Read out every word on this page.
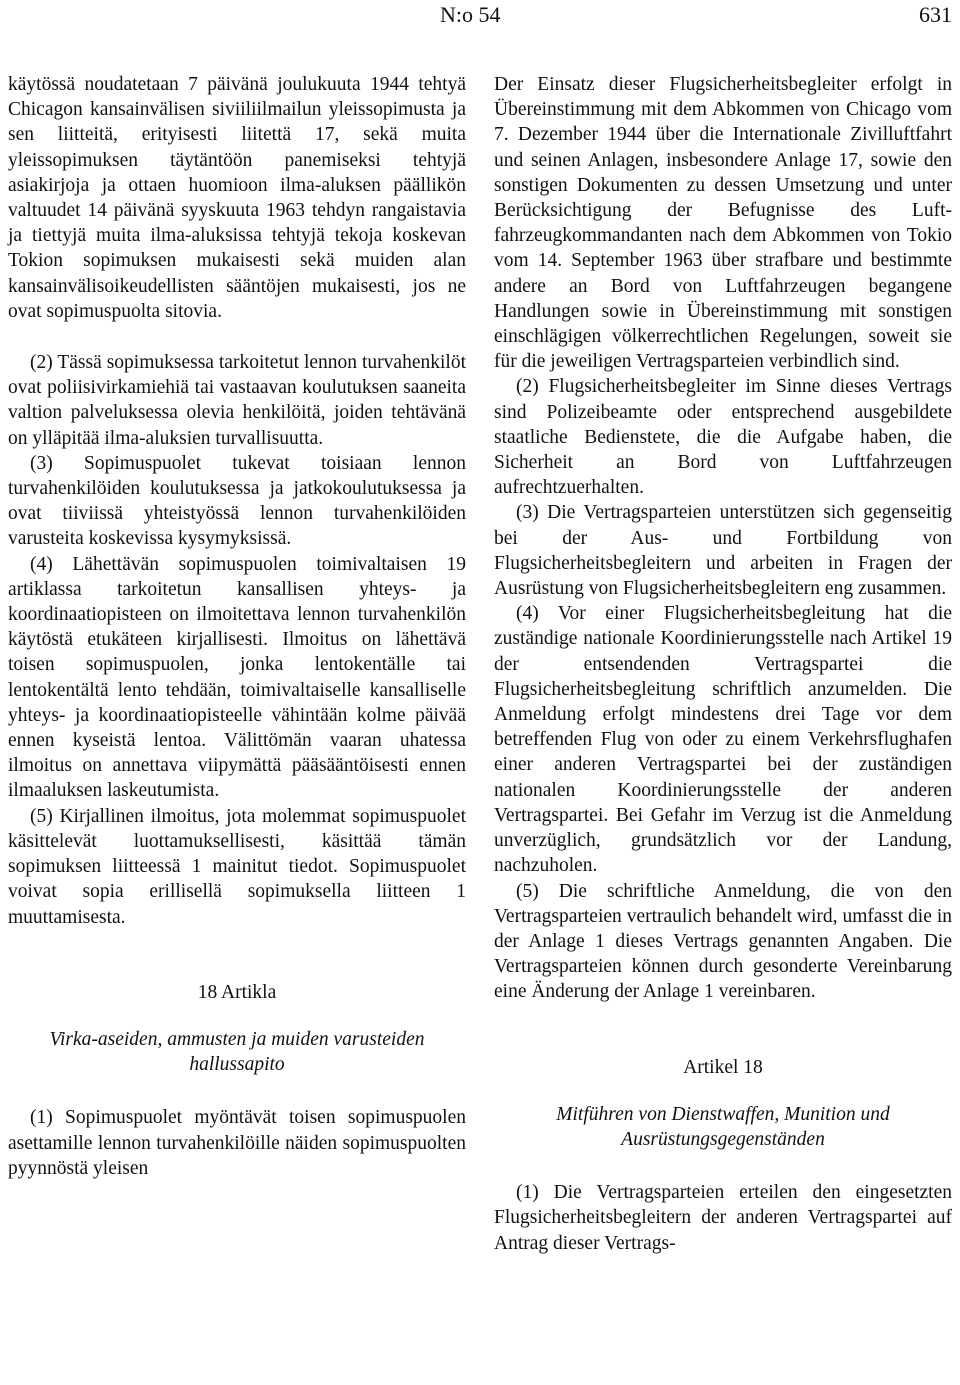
N:o 54	631

käytössä noudatetaan 7 päivänä joulukuuta 1944 tehtyä Chicagon kansainvälisen siviiliilmailun yleissopimusta ja sen liitteitä, erityisesti liitettä 17, sekä muita yleissopimuksen täytäntöön panemiseksi tehtyjä asiakirjoja ja ottaen huomioon ilma-aluksen päällikön valtuudet 14 päivänä syyskuuta 1963 tehdyn rangaistavia ja tiettyjä muita ilma-aluksissa tehtyjä tekoja koskevan Tokion sopimuksen mukaisesti sekä muiden alan kansainvälisoikeudellisten sääntöjen mukaisesti, jos ne ovat sopimuspuolta sitovia.

(2) Tässä sopimuksessa tarkoitetut lennon turvahenkilöt ovat poliisivirkamiehiä tai vastaavan koulutuksen saaneita valtion palveluksessa olevia henkilöitä, joiden tehtävänä on ylläpitää ilma-aluksien turvallisuutta.

(3) Sopimuspuolet tukevat toisiaan lennon turvahenkilöiden koulutuksessa ja jatkokoulutuksessa ja ovat tiiviissä yhteistyössä lennon turvahenkilöiden varusteita koskevissa kysymyksissä.

(4) Lähettävän sopimuspuolen toimivaltaisen 19 artiklassa tarkoitetun kansallisen yhteys- ja koordinaatiopisteen on ilmoitettava lennon turvahenkilön käytöstä etukäteen kirjallisesti. Ilmoitus on lähettävä toisen sopimuspuolen, jonka lentokentälle tai lentokentältä lento tehdään, toimivaltaiselle kansalliselle yhteys- ja koordinaatiopisteelle vähintään kolme päivää ennen kyseistä lentoa. Välittömän vaaran uhatessa ilmoitus on annettava viipymättä pääsääntöisesti ennen ilmaaluksen laskeutumista.

(5) Kirjallinen ilmoitus, jota molemmat sopimuspuolet käsittelevät luottamuksellisesti, käsittää tämän sopimuksen liitteessä 1 mainitut tiedot. Sopimuspuolet voivat sopia erillisellä sopimuksella liitteen 1 muuttamisesta.

18 Artikla
Virka-aseiden, ammusten ja muiden varusteiden hallussapito

(1) Sopimuspuolet myöntävät toisen sopimuspuolen asettamille lennon turvahenkilöille näiden sopimuspuolten pyynnöstä yleisen

Der Einsatz dieser Flugsicherheitsbegleiter erfolgt in Übereinstimmung mit dem Abkommen von Chicago vom 7. Dezember 1944 über die Internationale Zivilluftfahrt und seinen Anlagen, insbesondere Anlage 17, sowie den sonstigen Dokumenten zu dessen Umsetzung und unter Berücksichtigung der Befugnisse des Luft-fahrzeugkommandanten nach dem Abkommen von Tokio vom 14. September 1963 über strafbare und bestimmte andere an Bord von Luftfahrzeugen begangene Handlungen sowie in Übereinstimmung mit sonstigen einschlägigen völkerrechtlichen Regelungen, soweit sie für die jeweiligen Vertragsparteien verbindlich sind.

(2) Flugsicherheitsbegleiter im Sinne dieses Vertrags sind Polizeibeamte oder entsprechend ausgebildete staatliche Bedienstete, die die Aufgabe haben, die Sicherheit an Bord von Luftfahrzeugen aufrechtzuerhalten.

(3) Die Vertragsparteien unterstützen sich gegenseitig bei der Aus- und Fortbildung von Flugsicherheitsbegleitern und arbeiten in Fragen der Ausrüstung von Flugsicherheitsbegleitern eng zusammen.

(4) Vor einer Flugsicherheitsbegleitung hat die zuständige nationale Koordinierungsstelle nach Artikel 19 der entsendenden Vertragspartei die Flugsicherheitsbegleitung schriftlich anzumelden. Die Anmeldung erfolgt mindestens drei Tage vor dem betreffenden Flug von oder zu einem Verkehrsflughafen einer anderen Vertragspartei bei der zuständigen nationalen Koordinierungsstelle der anderen Vertragspartei. Bei Gefahr im Verzug ist die Anmeldung unverzüglich, grundsätzlich vor der Landung, nachzuholen.

(5) Die schriftliche Anmeldung, die von den Vertragsparteien vertraulich behandelt wird, umfasst die in der Anlage 1 dieses Vertrags genannten Angaben. Die Vertragsparteien können durch gesonderte Vereinbarung eine Änderung der Anlage 1 vereinbaren.

Artikel 18
Mitführen von Dienstwaffen, Munition und Ausrüstungsgegenständen

(1) Die Vertragsparteien erteilen den eingesetzten Flugsicherheitsbegleitern der anderen Vertragspartei auf Antrag dieser Vertrags-
